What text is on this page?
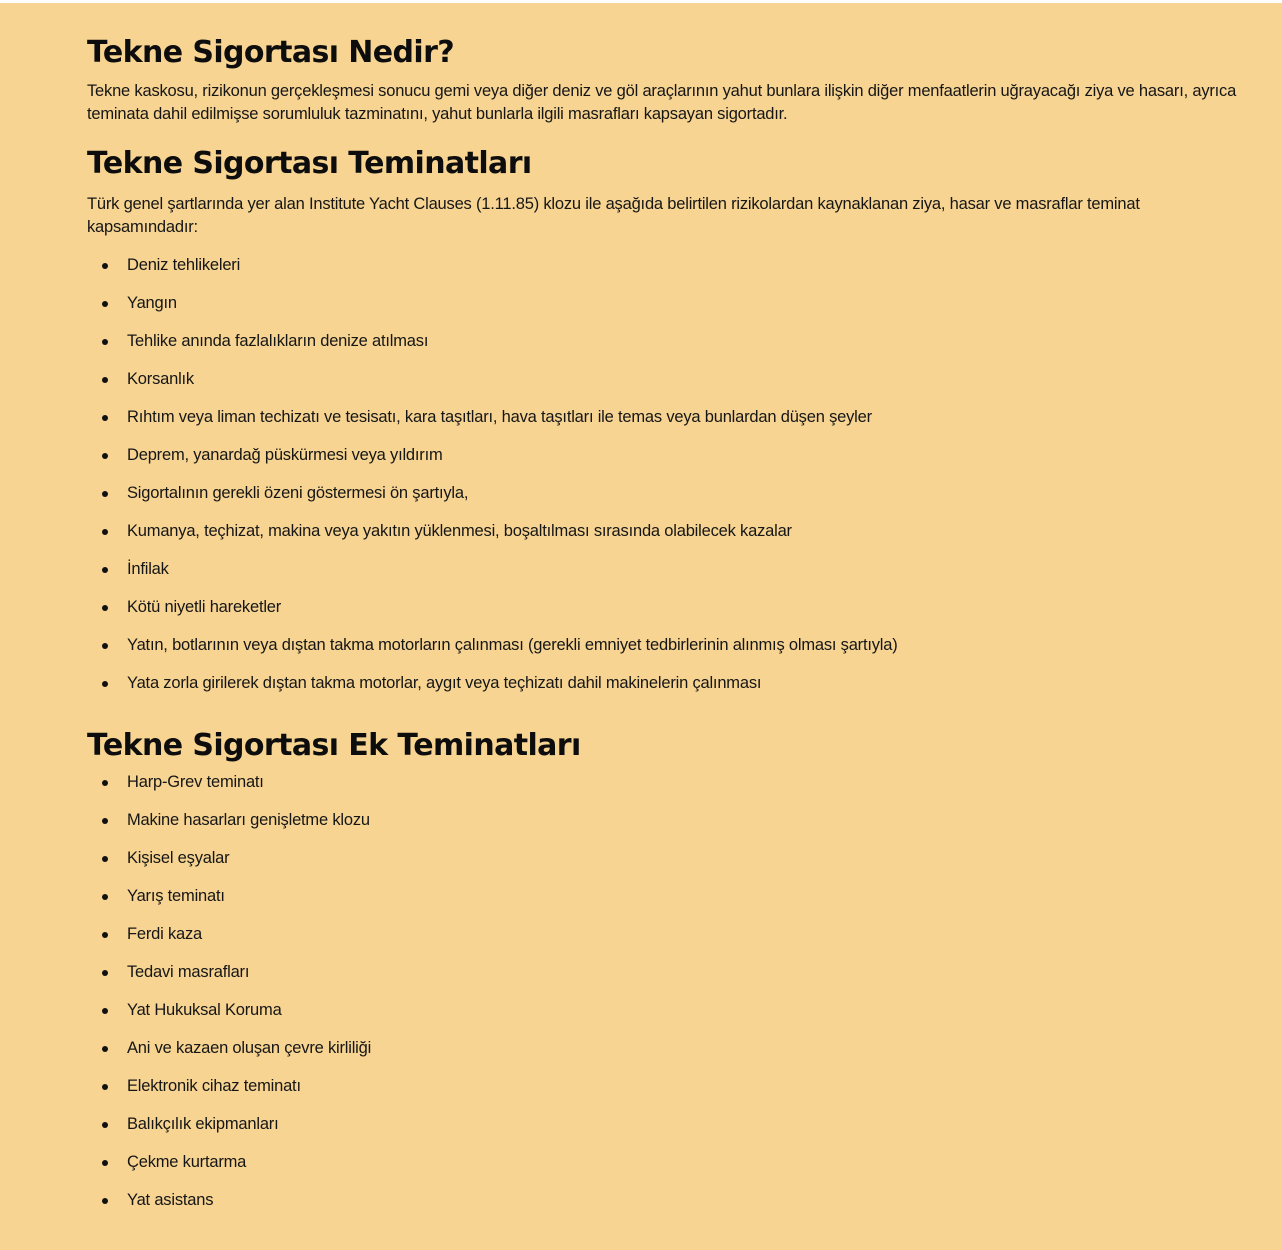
Tekne Sigortası Nedir?

Tekne kaskosu, rizikonun gerçekleşmesi sonucu gemi veya diğer deniz ve göl araçlarının yahut bunlara ilişkin diğer menfaatlerin uğrayacağı ziya ve hasarı, ayrıca teminata dahil edilmişse sorumluluk tazminatını, yahut bunlarla ilgili masrafları kapsayan sigortadır.

Tekne Sigortası Teminatları

Türk genel şartlarında yer alan Institute Yacht Clauses (1.11.85) klozu ile aşağıda belirtilen rizikolardan kaynaklanan ziya, hasar ve masraflar teminat kapsamındadır:

Deniz tehlikeleri
Yangın
Tehlike anında fazlalıkların denize atılması
Korsanlık
Rıhtım veya liman techizatı ve tesisatı, kara taşıtları, hava taşıtları ile temas veya bunlardan düşen şeyler
Deprem, yanardağ püskürmesi veya yıldırım
Sigortalının gerekli özeni göstermesi ön şartıyla,
Kumanya, teçhizat, makina veya yakıtın yüklenmesi, boşaltılması sırasında olabilecek kazalar
İnfilak
Kötü niyetli hareketler
Yatın, botlarının veya dıştan takma motorların çalınması (gerekli emniyet tedbirlerinin alınmış olması şartıyla)
Yata zorla girilerek dıştan takma motorlar, aygıt veya teçhizatı dahil makinelerin çalınması
Tekne Sigortası Ek Teminatları
Harp-Grev teminatı
Makine hasarları genişletme klozu
Kişisel eşyalar
Yarış teminatı
Ferdi kaza
Tedavi masrafları
Yat Hukuksal Koruma
Ani ve kazaen oluşan çevre kirliliği
Elektronik cihaz teminatı
Balıkçılık ekipmanları
Çekme kurtarma
Yat asistans
